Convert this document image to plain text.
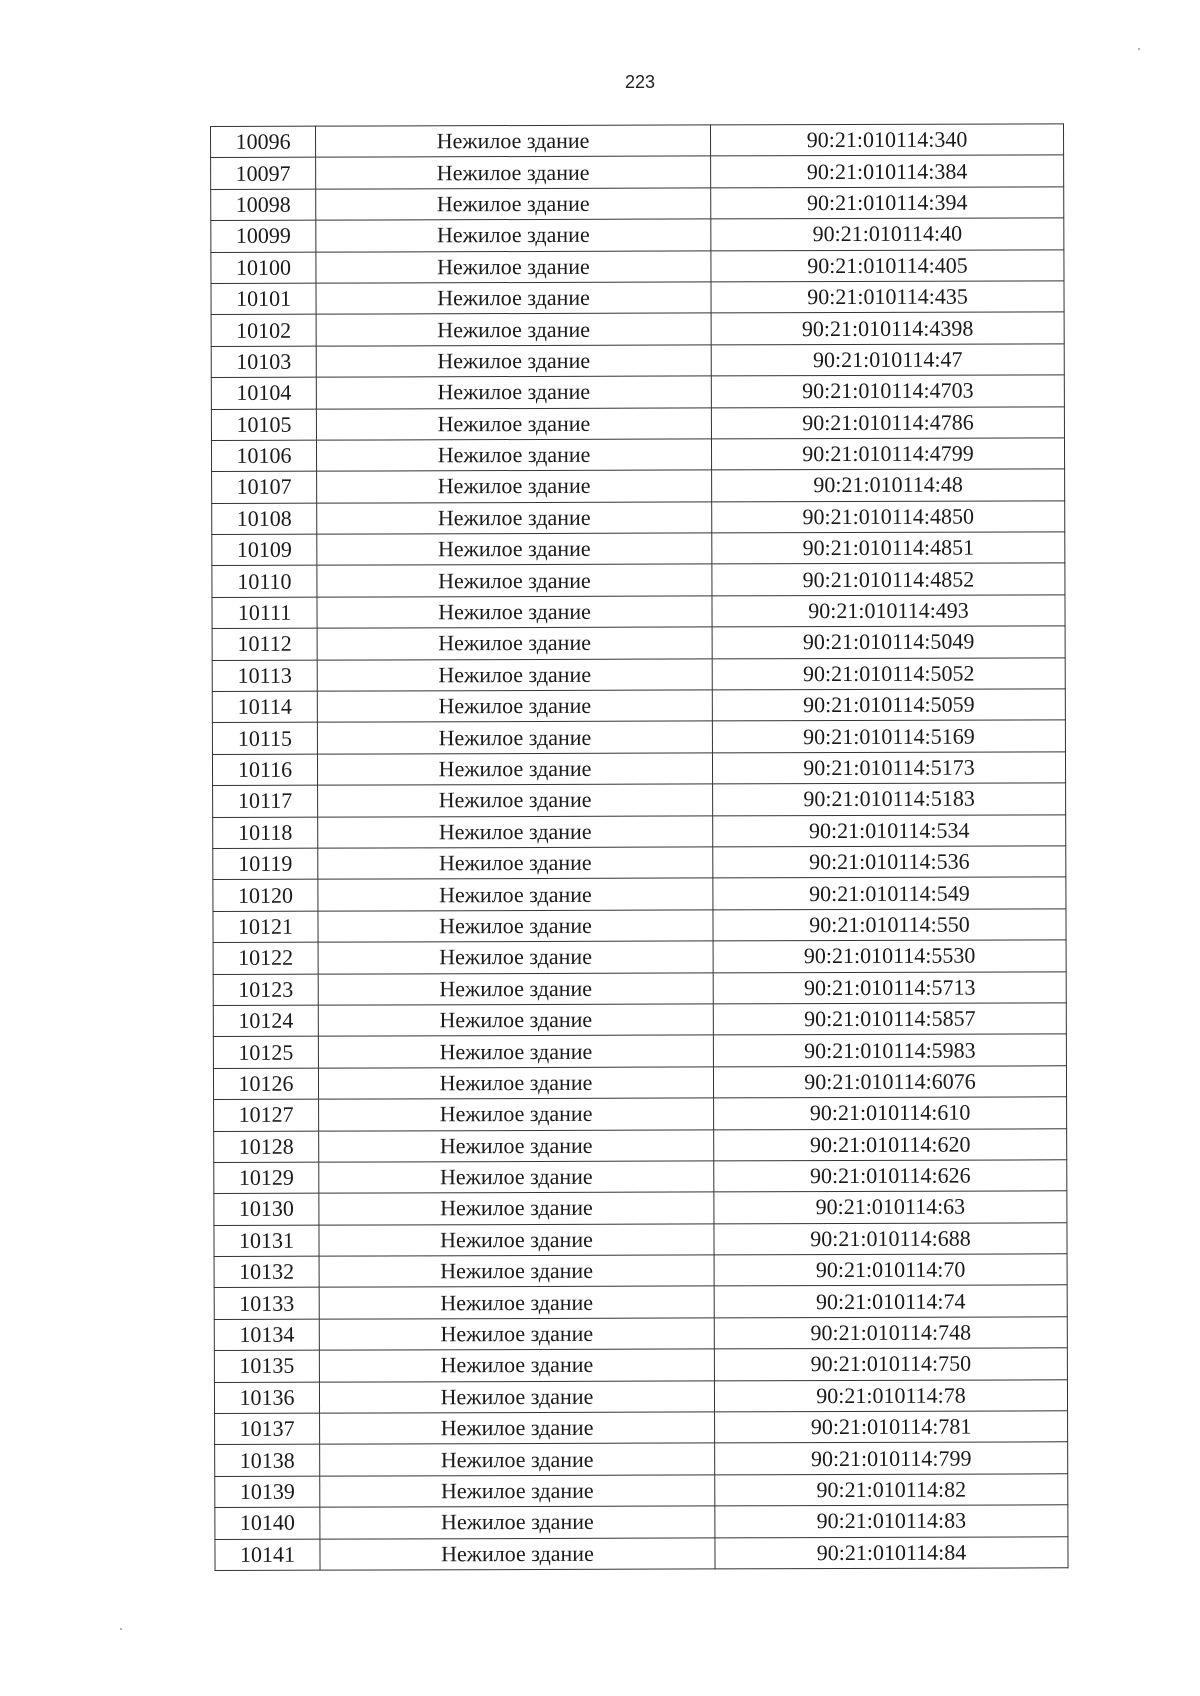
223
10096	Нежилое здание	90:21:010114:340
10097	Нежилое здание	90:21:010114:384
10098	Нежилое здание	90:21:010114:394
10099	Нежилое здание	90:21:010114:40
10100	Нежилое здание	90:21:010114:405
10101	Нежилое здание	90:21:010114:435
10102	Нежилое здание	90:21:010114:4398
10103	Нежилое здание	90:21:010114:47
10104	Нежилое здание	90:21:010114:4703
10105	Нежилое здание	90:21:010114:4786
10106	Нежилое здание	90:21:010114:4799
10107	Нежилое здание	90:21:010114:48
10108	Нежилое здание	90:21:010114:4850
10109	Нежилое здание	90:21:010114:4851
10110	Нежилое здание	90:21:010114:4852
10111	Нежилое здание	90:21:010114:493
10112	Нежилое здание	90:21:010114:5049
10113	Нежилое здание	90:21:010114:5052
10114	Нежилое здание	90:21:010114:5059
10115	Нежилое здание	90:21:010114:5169
10116	Нежилое здание	90:21:010114:5173
10117	Нежилое здание	90:21:010114:5183
10118	Нежилое здание	90:21:010114:534
10119	Нежилое здание	90:21:010114:536
10120	Нежилое здание	90:21:010114:549
10121	Нежилое здание	90:21:010114:550
10122	Нежилое здание	90:21:010114:5530
10123	Нежилое здание	90:21:010114:5713
10124	Нежилое здание	90:21:010114:5857
10125	Нежилое здание	90:21:010114:5983
10126	Нежилое здание	90:21:010114:6076
10127	Нежилое здание	90:21:010114:610
10128	Нежилое здание	90:21:010114:620
10129	Нежилое здание	90:21:010114:626
10130	Нежилое здание	90:21:010114:63
10131	Нежилое здание	90:21:010114:688
10132	Нежилое здание	90:21:010114:70
10133	Нежилое здание	90:21:010114:74
10134	Нежилое здание	90:21:010114:748
10135	Нежилое здание	90:21:010114:750
10136	Нежилое здание	90:21:010114:78
10137	Нежилое здание	90:21:010114:781
10138	Нежилое здание	90:21:010114:799
10139	Нежилое здание	90:21:010114:82
10140	Нежилое здание	90:21:010114:83
10141	Нежилое здание	90:21:010114:84
